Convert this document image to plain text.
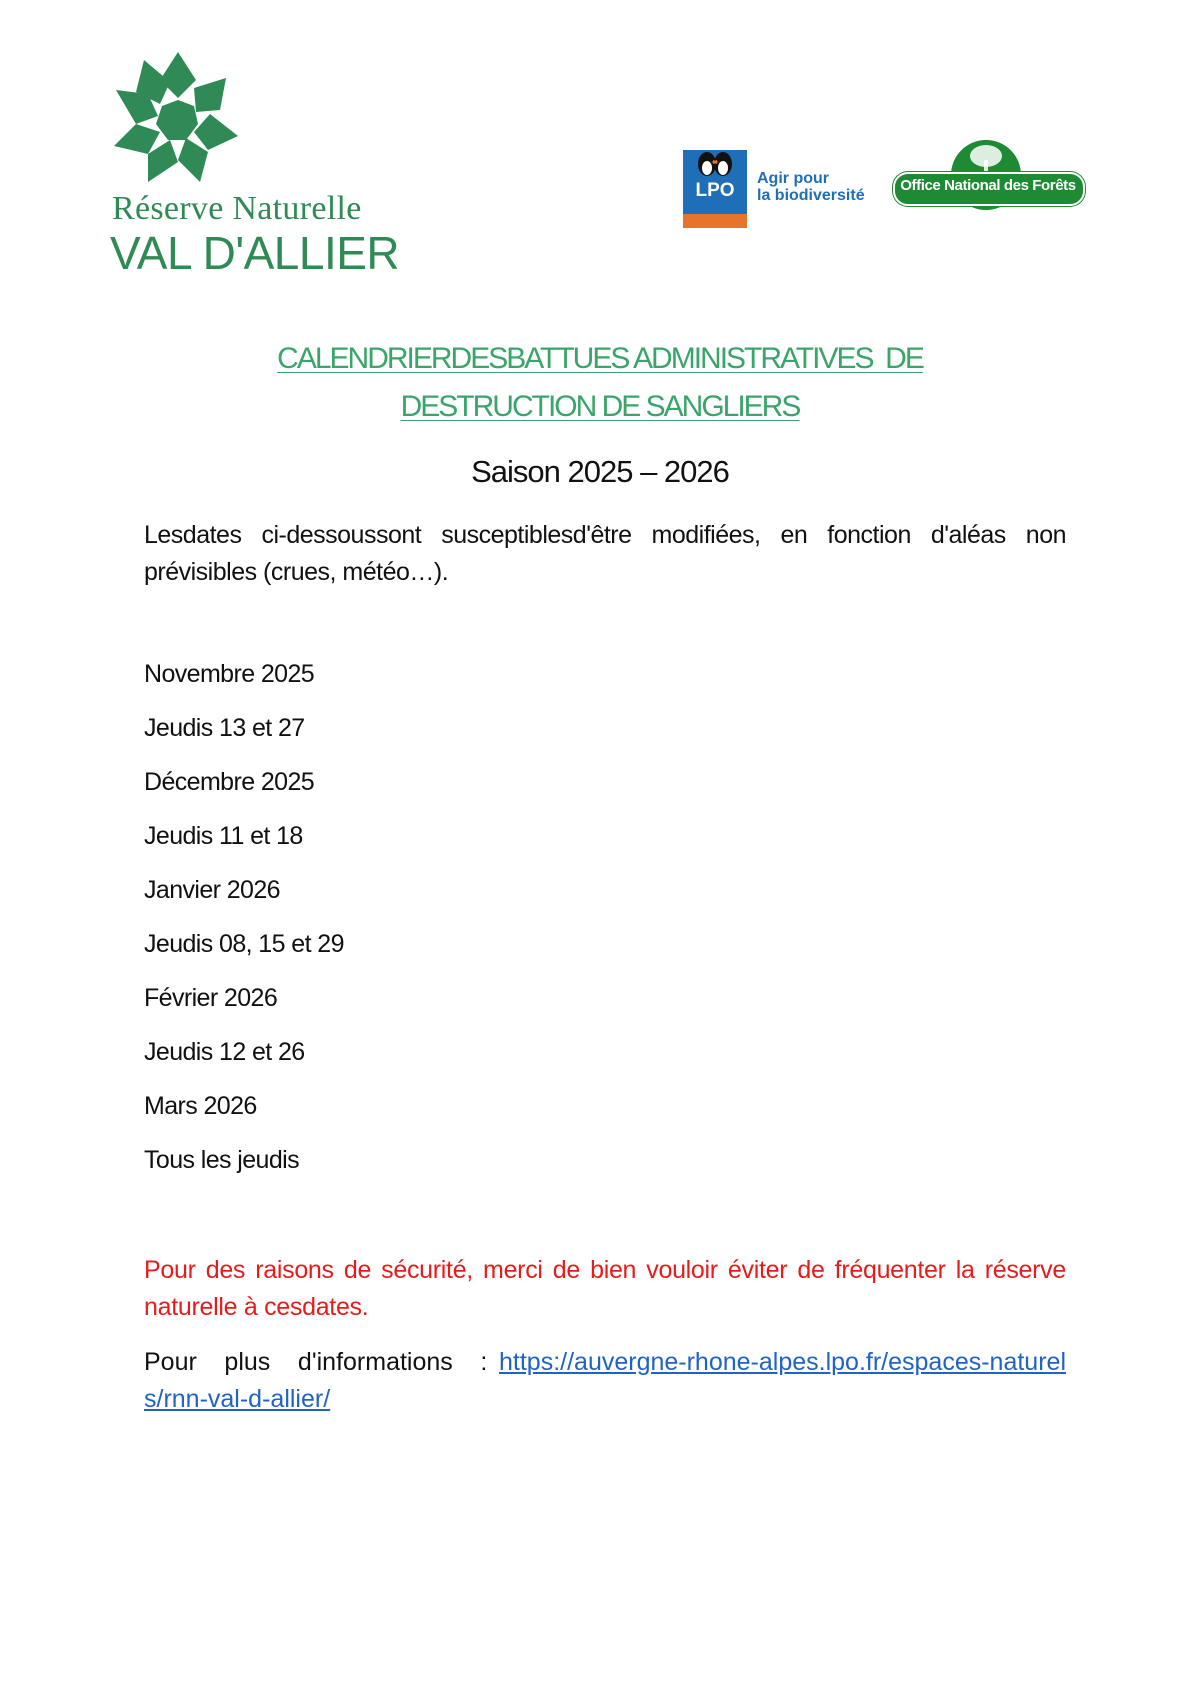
Réserve Naturelle
VAL D'ALLIER
LPO
Agir pour
la biodiversité
Office National des Forêts
CALENDRIERDESBATTUES ADMINISTRATIVES  DE
DESTRUCTION DE SANGLIERS
Saison 2025 – 2026
Lesdates ci-dessoussont susceptiblesd'être modifiées, en fonction d'aléas non prévisibles (crues, météo…).
Novembre 2025
Jeudis 13 et 27
Décembre 2025
Jeudis 11 et 18
Janvier 2026
Jeudis 08, 15 et 29
Février 2026
Jeudis 12 et 26
Mars 2026
Tous les jeudis
Pour des raisons de sécurité, merci de bien vouloir éviter de fréquenter la réserve naturelle à cesdates.
Pour plus d'informations : https://auvergne-rhone-alpes.lpo.fr/espaces-naturels/rnn-val-d-allier/
